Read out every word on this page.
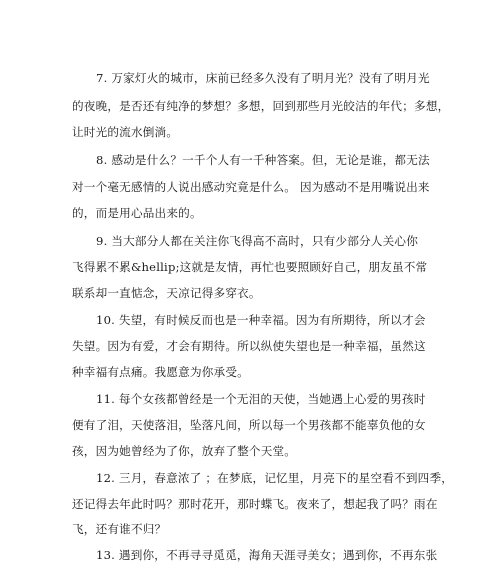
7. 万家灯火的城市，床前已经多久没有了明月光？没有了明月光
的夜晚，是否还有纯净的梦想？多想，回到那些月光皎洁的年代；多想，
让时光的流水倒淌。
8. 感动是什么？一千个人有一千种答案。但，无论是谁，都无法
对一个毫无感情的人说出感动究竟是什么。 因为感动不是用嘴说出来
的，而是用心品出来的。
9. 当大部分人都在关注你飞得高不高时，只有少部分人关心你
飞得累不累&hellip;这就是友情，再忙也要照顾好自己，朋友虽不常
联系却一直惦念，天凉记得多穿衣。
10. 失望，有时候反而也是一种幸福。因为有所期待，所以才会
失望。因为有爱，才会有期待。所以纵使失望也是一种幸福，虽然这
种幸福有点痛。我愿意为你承受。
11. 每个女孩都曾经是一个无泪的天使，当她遇上心爱的男孩时
便有了泪，天使落泪，坠落凡间，所以每一个男孩都不能辜负他的女
孩，因为她曾经为了你，放弃了整个天堂。
12. 三月，春意浓了 ；在梦底，记忆里，月亮下的星空看不到四季，
还记得去年此时吗？那时花开，那时蝶飞。夜来了，想起我了吗？雨在
飞，还有谁不归？
13. 遇到你，不再寻寻觅觅，海角天涯寻美女；遇到你，不再东张
